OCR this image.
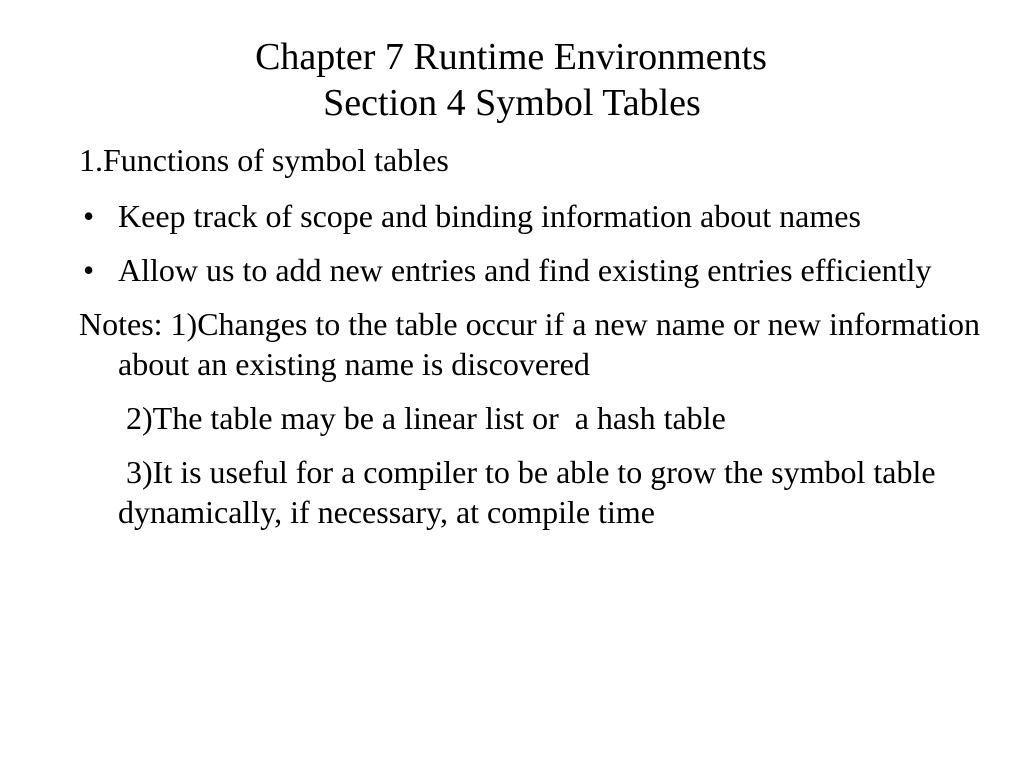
Chapter 7 Runtime Environments
Section 4 Symbol Tables

1.Functions of symbol tables

• Keep track of scope and binding information about names

• Allow us to add new entries and find existing entries efficiently

Notes: 1)Changes to the table occur if a new name or new information about an existing name is discovered

2)The table may be a linear list or  a hash table

3)It is useful for a compiler to be able to grow the symbol table dynamically, if necessary, at compile time
